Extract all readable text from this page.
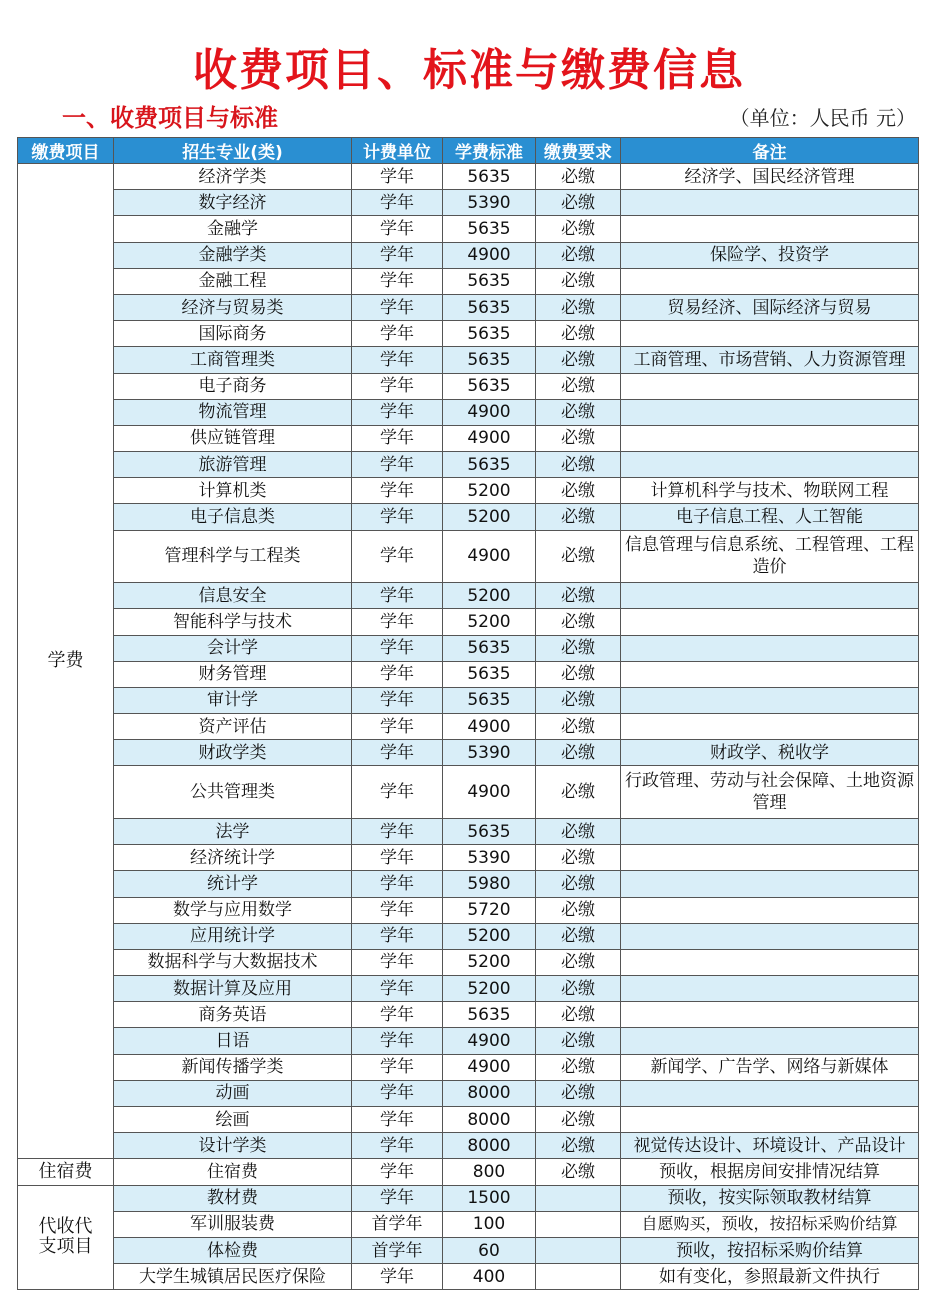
收费项目、标准与缴费信息
一、收费项目与标准	（单位：人民币 元）
缴费项目	招生专业(类)	计费单位	学费标准	缴费要求	备注
学费	经济学类	学年	5635	必缴	经济学、国民经济管理
	数字经济	学年	5390	必缴	
	金融学	学年	5635	必缴	
	金融学类	学年	4900	必缴	保险学、投资学
	金融工程	学年	5635	必缴	
	经济与贸易类	学年	5635	必缴	贸易经济、国际经济与贸易
	国际商务	学年	5635	必缴	
	工商管理类	学年	5635	必缴	工商管理、市场营销、人力资源管理
	电子商务	学年	5635	必缴	
	物流管理	学年	4900	必缴	
	供应链管理	学年	4900	必缴	
	旅游管理	学年	5635	必缴	
	计算机类	学年	5200	必缴	计算机科学与技术、物联网工程
	电子信息类	学年	5200	必缴	电子信息工程、人工智能
	管理科学与工程类	学年	4900	必缴	信息管理与信息系统、工程管理、工程造价
	信息安全	学年	5200	必缴	
	智能科学与技术	学年	5200	必缴	
	会计学	学年	5635	必缴	
	财务管理	学年	5635	必缴	
	审计学	学年	5635	必缴	
	资产评估	学年	4900	必缴	
	财政学类	学年	5390	必缴	财政学、税收学
	公共管理类	学年	4900	必缴	行政管理、劳动与社会保障、土地资源管理
	法学	学年	5635	必缴	
	经济统计学	学年	5390	必缴	
	统计学	学年	5980	必缴	
	数学与应用数学	学年	5720	必缴	
	应用统计学	学年	5200	必缴	
	数据科学与大数据技术	学年	5200	必缴	
	数据计算及应用	学年	5200	必缴	
	商务英语	学年	5635	必缴	
	日语	学年	4900	必缴	
	新闻传播学类	学年	4900	必缴	新闻学、广告学、网络与新媒体
	动画	学年	8000	必缴	
	绘画	学年	8000	必缴	
	设计学类	学年	8000	必缴	视觉传达设计、环境设计、产品设计
住宿费	住宿费	学年	800	必缴	预收，根据房间安排情况结算
代收代支项目	教材费	学年	1500		预收，按实际领取教材结算
	军训服装费	首学年	100		自愿购买，预收，按招标采购价结算
	体检费	首学年	60		预收，按招标采购价结算
	大学生城镇居民医疗保险	学年	400		如有变化，参照最新文件执行
